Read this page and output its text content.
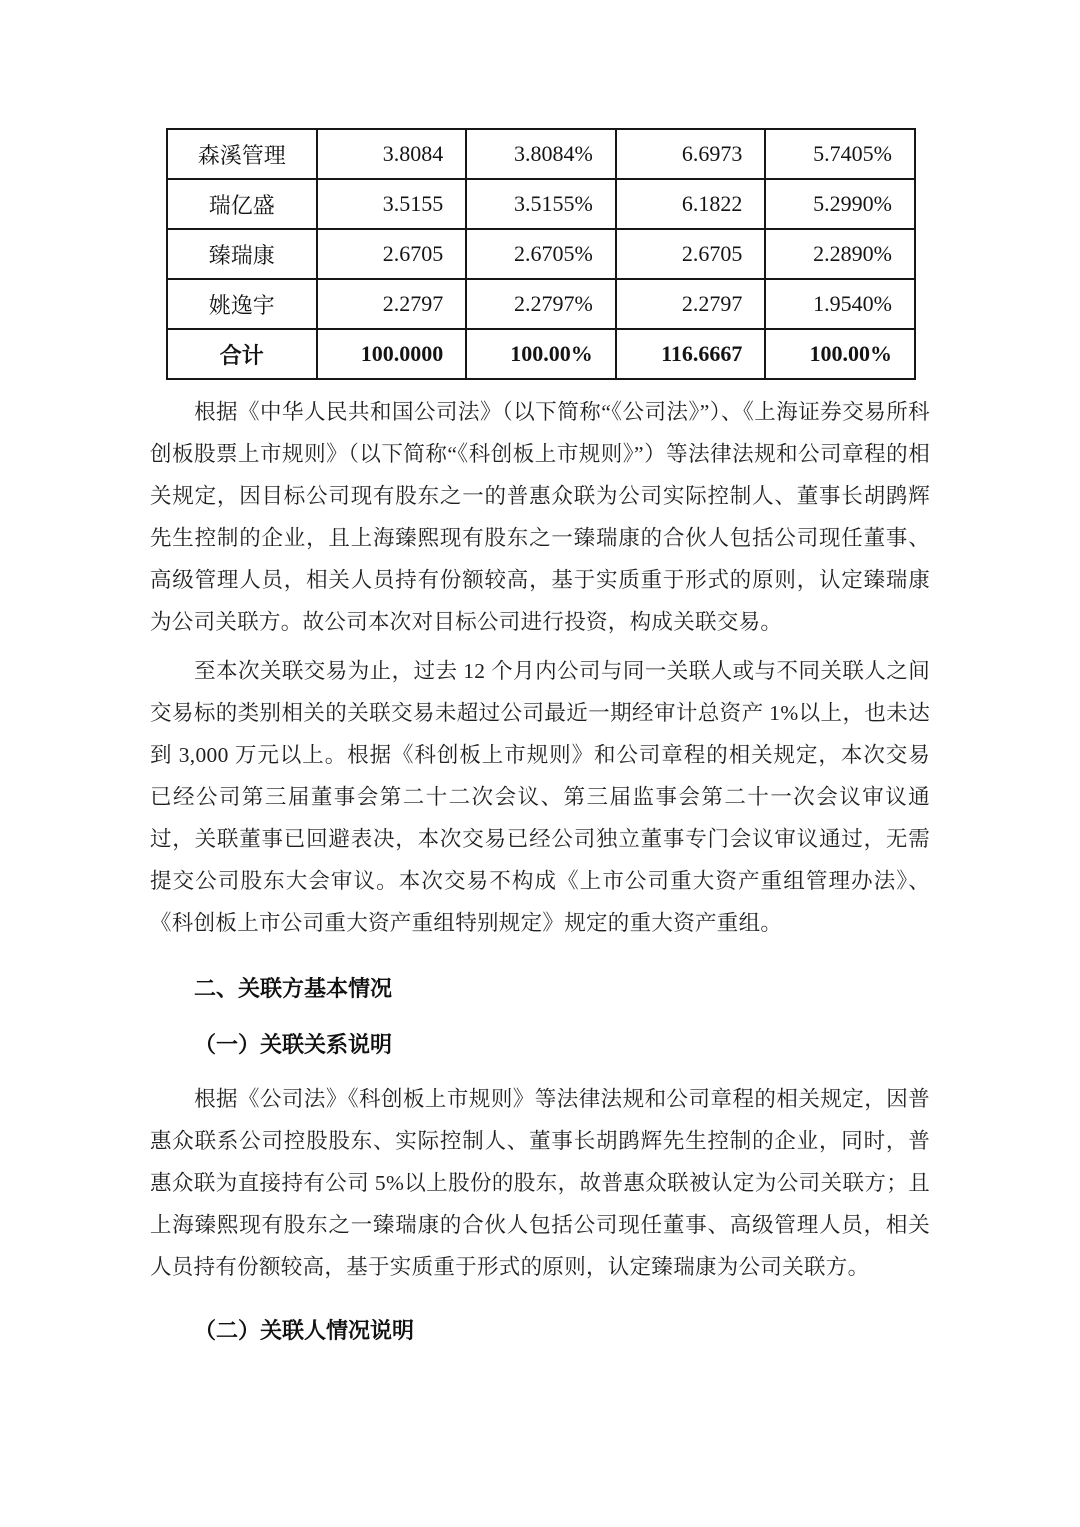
森溪管理	3.8084	3.8084%	6.6973	5.7405%
瑞亿盛	3.5155	3.5155%	6.1822	5.2990%
臻瑞康	2.6705	2.6705%	2.6705	2.2890%
姚逸宇	2.2797	2.2797%	2.2797	1.9540%
合计	100.0000	100.00%	116.6667	100.00%

根据《中华人民共和国公司法》（以下简称“《公司法》”）、《上海证券交易所科创板股票上市规则》（以下简称“《科创板上市规则》”）等法律法规和公司章程的相关规定，因目标公司现有股东之一的普惠众联为公司实际控制人、董事长胡鹍辉先生控制的企业，且上海臻熙现有股东之一臻瑞康的合伙人包括公司现任董事、高级管理人员，相关人员持有份额较高，基于实质重于形式的原则，认定臻瑞康为公司关联方。故公司本次对目标公司进行投资，构成关联交易。

至本次关联交易为止，过去 12 个月内公司与同一关联人或与不同关联人之间交易标的类别相关的关联交易未超过公司最近一期经审计总资产 1%以上，也未达到 3,000 万元以上。根据《科创板上市规则》和公司章程的相关规定，本次交易已经公司第三届董事会第二十二次会议、第三届监事会第二十一次会议审议通过，关联董事已回避表决，本次交易已经公司独立董事专门会议审议通过，无需提交公司股东大会审议。本次交易不构成《上市公司重大资产重组管理办法》、《科创板上市公司重大资产重组特别规定》规定的重大资产重组。

二、关联方基本情况
（一）关联关系说明

根据《公司法》《科创板上市规则》等法律法规和公司章程的相关规定，因普惠众联系公司控股股东、实际控制人、董事长胡鹍辉先生控制的企业，同时，普惠众联为直接持有公司 5%以上股份的股东，故普惠众联被认定为公司关联方；且上海臻熙现有股东之一臻瑞康的合伙人包括公司现任董事、高级管理人员，相关人员持有份额较高，基于实质重于形式的原则，认定臻瑞康为公司关联方。

（二）关联人情况说明
